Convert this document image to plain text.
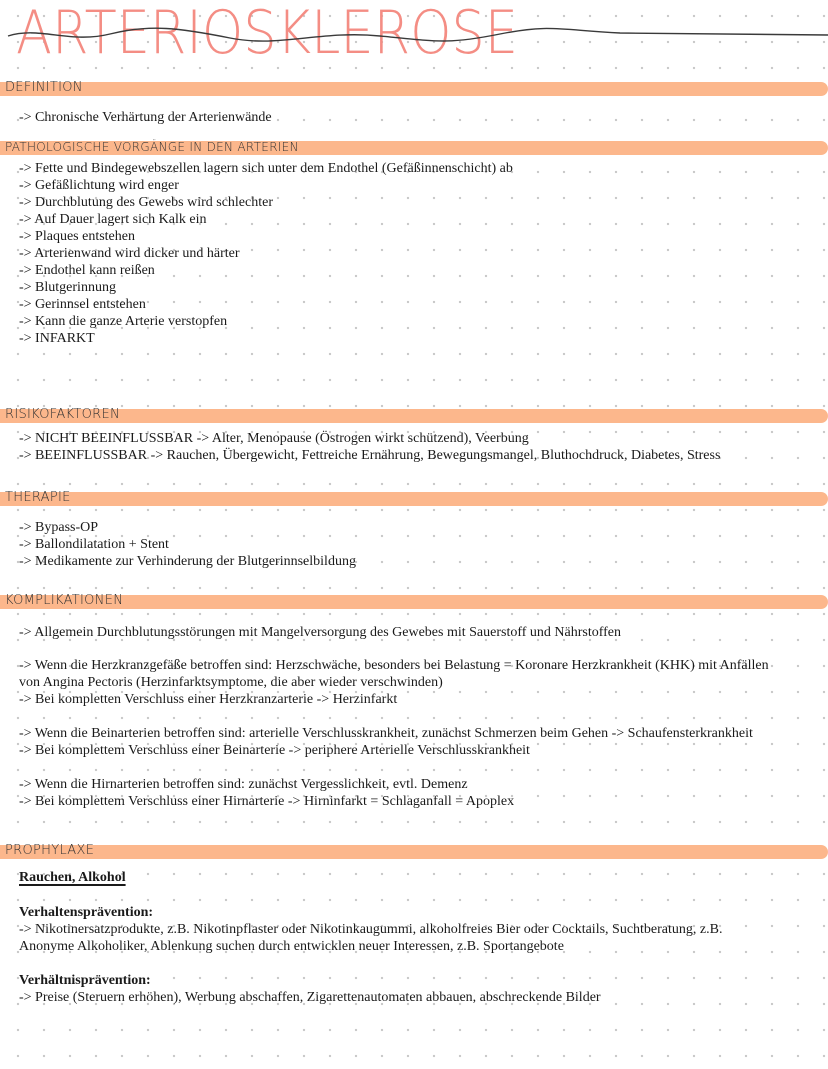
ARTERIOSKLEROSE
DEFINITION
-> Chronische Verhärtung der Arterienwände
PATHOLOGISCHE VORGÄNGE IN DEN ARTERIEN
-> Fette und Bindegewebszellen lagern sich unter dem Endothel (Gefäßinnenschicht) ab
-> Gefäßlichtung wird enger
-> Durchblutung des Gewebs wird schlechter
-> Auf Dauer lagert sich Kalk ein
-> Plaques entstehen
-> Arterienwand wird dicker und härter
-> Endothel kann reißen
-> Blutgerinnung
-> Gerinnsel entstehen
-> Kann die ganze Arterie verstopfen
-> INFARKT
RISIKOFAKTOREN
-> NICHT BEEINFLUSSBAR -> Alter, Menopause (Östrogen wirkt schützend), Veerbung
-> BEEINFLUSSBAR -> Rauchen, Übergewicht, Fettreiche Ernährung, Bewegungsmangel, Bluthochdruck, Diabetes, Stress
THERAPIE
-> Bypass-OP
-> Ballondilatation + Stent
-> Medikamente zur Verhinderung der Blutgerinnselbildung
KOMPLIKATIONEN
-> Allgemein Durchblutungsstörungen mit Mangelversorgung des Gewebes mit Sauerstoff und Nährstoffen
-> Wenn die Herzkranzgefäße betroffen sind: Herzschwäche, besonders bei Belastung = Koronare Herzkrankheit (KHK) mit Anfällen
von Angina Pectoris (Herzinfarktsymptome, die aber wieder verschwinden)
-> Bei kompletten Verschluss einer Herzkranzarterie -> Herzinfarkt
-> Wenn die Beinarterien betroffen sind: arterielle Verschlusskrankheit, zunächst Schmerzen beim Gehen -> Schaufensterkrankheit
-> Bei komplettem Verschluss einer Beinarterie -> periphere Arterielle Verschlusskrankheit
-> Wenn die Hirnarterien betroffen sind: zunächst Vergesslichkeit, evtl. Demenz
-> Bei komplettem Verschluss einer Hirnarterie -> Hirninfarkt = Schlaganfall = Apoplex
PROPHYLAXE
Rauchen, Alkohol
Verhaltensprävention:
-> Nikotinersatzprodukte, z.B. Nikotinpflaster oder Nikotinkaugummi, alkoholfreies Bier oder Cocktails, Suchtberatung, z.B.
Anonyme Alkoholiker, Ablenkung suchen durch entwicklen neuer Interessen, z.B. Sportangebote
Verhältnisprävention:
-> Preise (Steruern erhöhen), Werbung abschaffen, Zigarettenautomaten abbauen, abschreckende Bilder
